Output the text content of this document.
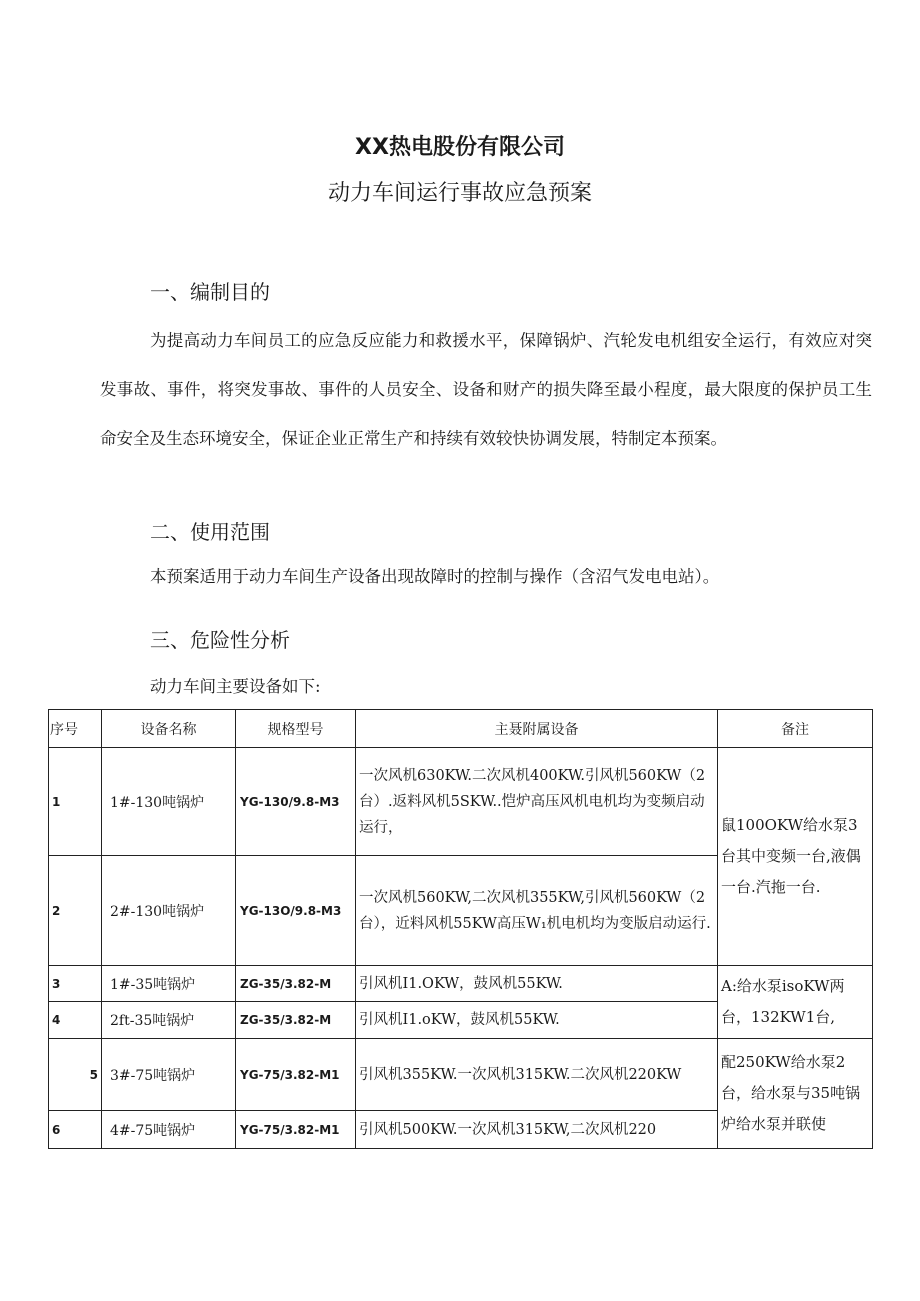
XX热电股份有限公司
动力车间运行事故应急预案
一、编制目的
为提高动力车间员工的应急反应能力和救援水平，保障锅炉、汽轮发电机组安全运行，有效应对突发事故、事件，将突发事故、事件的人员安全、设备和财产的损失降至最小程度，最大限度的保护员工生命安全及生态环境安全，保证企业正常生产和持续有效较快协调发展，特制定本预案。
二、使用范围
本预案适用于动力车间生产设备出现故障时的控制与操作（含沼气发电电站）。
三、危险性分析
动力车间主要设备如下:
序号	设备名称	规格型号	主聂附属设备	备注
1	1#-130吨锅炉	YG-130/9.8-M3	一次风机630KW.二次风机400KW.引风机560KW（2台）.返料风机5SKW..恺炉高压风机电机均为变频启动运行，	鼠100OKW给水泵3台其中变频一台,液偶一台.汽拖一台.
2	2#-130吨锅炉	YG-13O/9.8-M3	一次风机560KW,二次风机355KW,引风机560KW（2台），近料风机55KW高压W₁机电机均为变版启动运行.	
3	1#-35吨锅炉	ZG-35/3.82-M	引风机I1.OKW，鼓风机55KW.	A:给水泵isoKW两台，132KW1台,
4	2ft-35吨锅炉	ZG-35/3.82-M	引风机I1.oKW，鼓风机55KW.	
5	3#-75吨锅炉	YG-75/3.82-M1	引风机355KW.一次风机315KW.二次风机220KW	配250KW给水泵2台，给水泵与35吨锅炉给水泵并联使
6	4#-75吨锅炉	YG-75/3.82-M1	引风机500KW.一次风机315KW,二次风机220	
